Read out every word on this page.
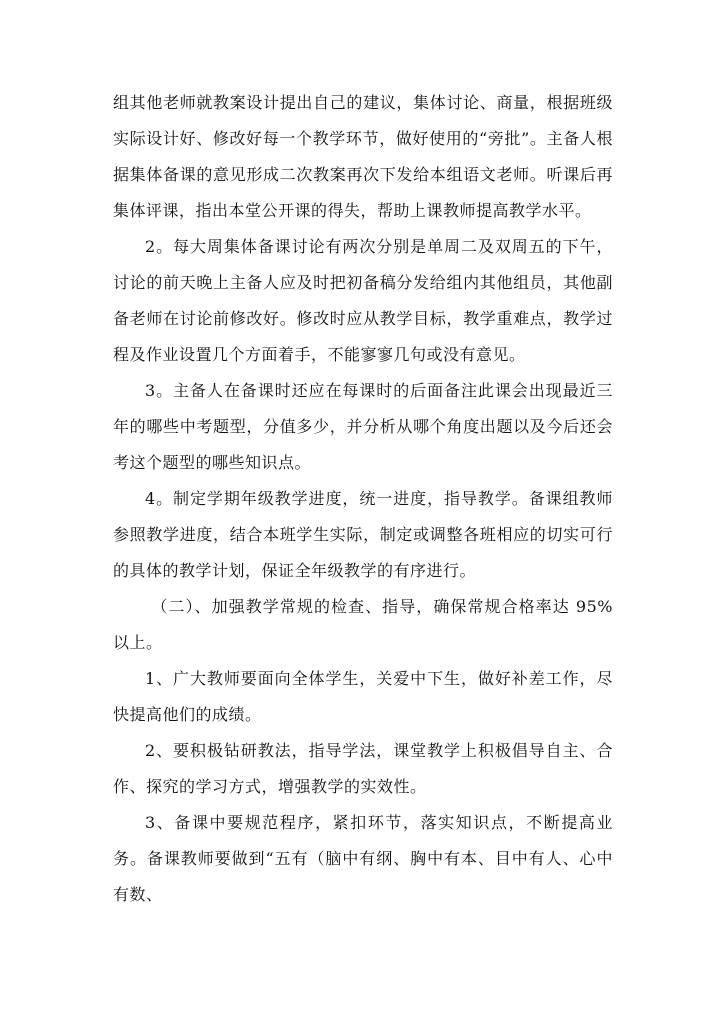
组其他老师就教案设计提出自己的建议，集体讨论、商量，根据班级实际设计好、修改好每一个教学环节，做好使用的“旁批”。主备人根据集体备课的意见形成二次教案再次下发给本组语文老师。听课后再集体评课，指出本堂公开课的得失，帮助上课教师提高教学水平。

2。每大周集体备课讨论有两次分别是单周二及双周五的下午，讨论的前天晚上主备人应及时把初备稿分发给组内其他组员，其他副备老师在讨论前修改好。修改时应从教学目标，教学重难点，教学过程及作业设置几个方面着手，不能寥寥几句或没有意见。

3。主备人在备课时还应在每课时的后面备注此课会出现最近三年的哪些中考题型，分值多少，并分析从哪个角度出题以及今后还会考这个题型的哪些知识点。

4。制定学期年级教学进度，统一进度，指导教学。备课组教师参照教学进度，结合本班学生实际，制定或调整各班相应的切实可行的具体的教学计划，保证全年级教学的有序进行。

（二）、加强教学常规的检查、指导，确保常规合格率达 95%以上。

1、广大教师要面向全体学生，关爱中下生，做好补差工作，尽快提高他们的成绩。

2、要积极钻研教法，指导学法，课堂教学上积极倡导自主、合作、探究的学习方式，增强教学的实效性。

3、备课中要规范程序，紧扣环节，落实知识点，不断提高业务。备课教师要做到“五有（脑中有纲、胸中有本、目中有人、心中有数、
